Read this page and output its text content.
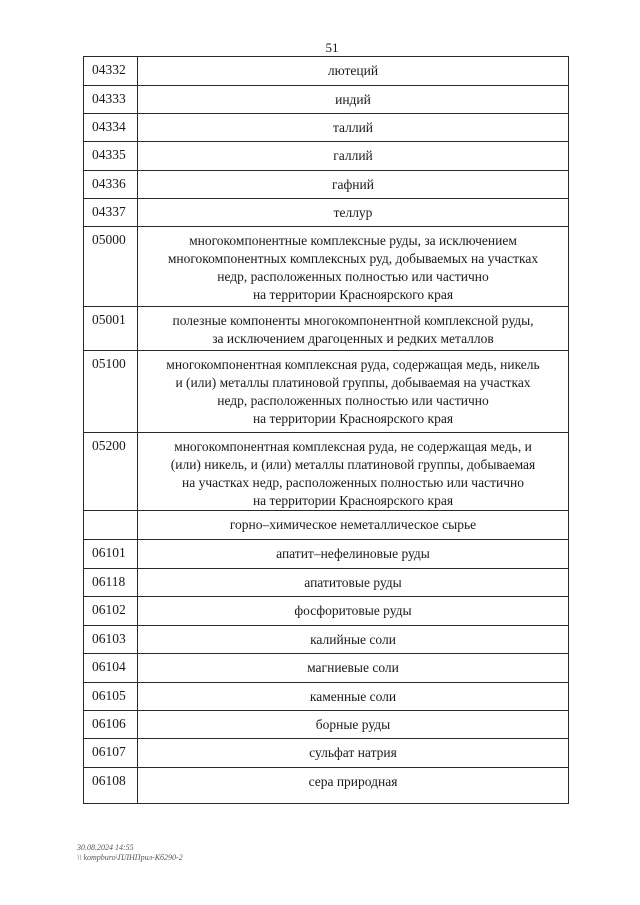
51
04332	лютеций
04333	индий
04334	таллий
04335	галлий
04336	гафний
04337	теллур
05000	многокомпонентные комплексные руды, за исключением
многокомпонентных комплексных руд, добываемых на участках
недр, расположенных полностью или частично
на территории Красноярского края

05001	полезные компоненты многокомпонентной комплексной руды,
за исключением драгоценных и редких металлов

05100	многокомпонентная комплексная руда, содержащая медь, никель
и (или) металлы платиновой группы, добываемая на участках
недр, расположенных полностью или частично
на территории Красноярского края

05200	многокомпонентная комплексная руда, не содержащая медь, и
(или) никель, и (или) металлы платиновой группы, добываемая
на участках недр, расположенных полностью или частично
на территории Красноярского края

	горно–химическое неметаллическое сырье
06101	апатит–нефелиновые руды
06118	апатитовые руды
06102	фосфоритовые руды
06103	калийные соли
06104	магниевые соли
06105	каменные соли
06106	борные руды
06107	сульфат натрия
06108	сера природная
30.08.2024 14:55
\\ kompburo\ПЛНПрил-Кб290-2
